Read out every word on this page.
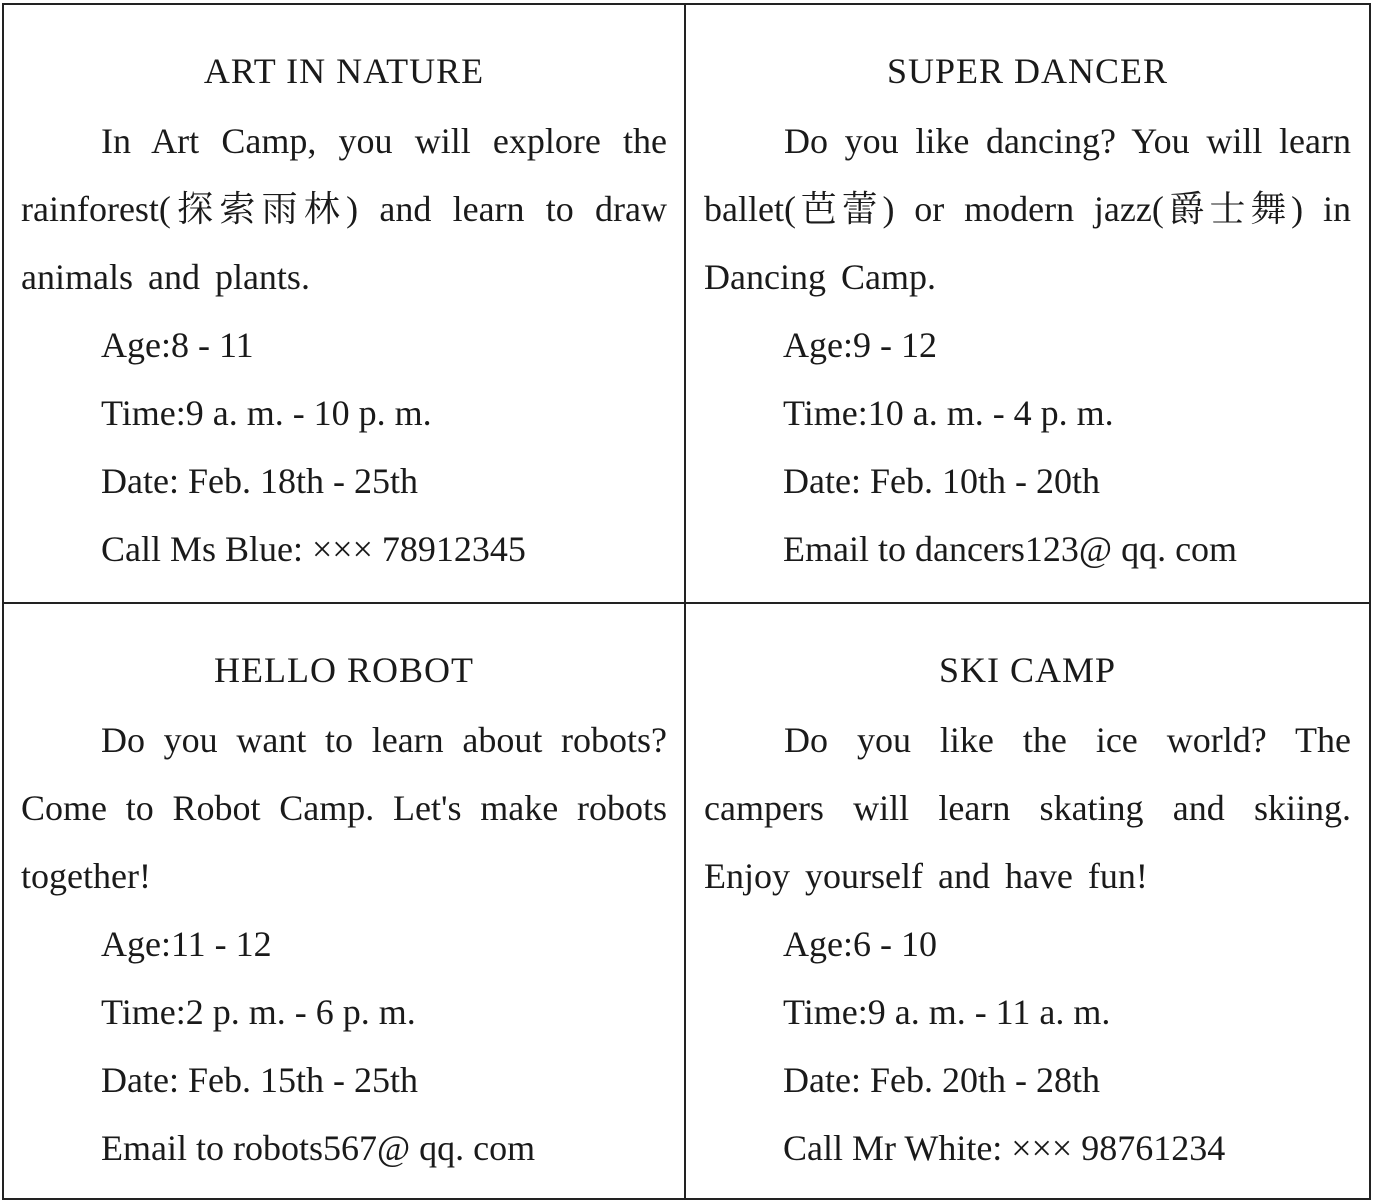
ART IN NATURE
In Art Camp, you will explore the rainforest(探索雨林) and learn to draw animals and plants.
Age:8 - 11
Time:9 a. m. - 10 p. m.
Date: Feb. 18th - 25th
Call Ms Blue: ××× 78912345
SUPER DANCER
Do you like dancing? You will learn ballet(芭蕾) or modern jazz(爵士舞) in Dancing Camp.
Age:9 - 12
Time:10 a. m. - 4 p. m.
Date: Feb. 10th - 20th
Email to dancers123@ qq. com
HELLO ROBOT
Do you want to learn about robots? Come to Robot Camp. Let's make robots together!
Age:11 - 12
Time:2 p. m. - 6 p. m.
Date: Feb. 15th - 25th
Email to robots567@ qq. com
SKI CAMP
Do you like the ice world? The campers will learn skating and skiing. Enjoy yourself and have fun!
Age:6 - 10
Time:9 a. m. - 11 a. m.
Date: Feb. 20th - 28th
Call Mr White: ××× 98761234
